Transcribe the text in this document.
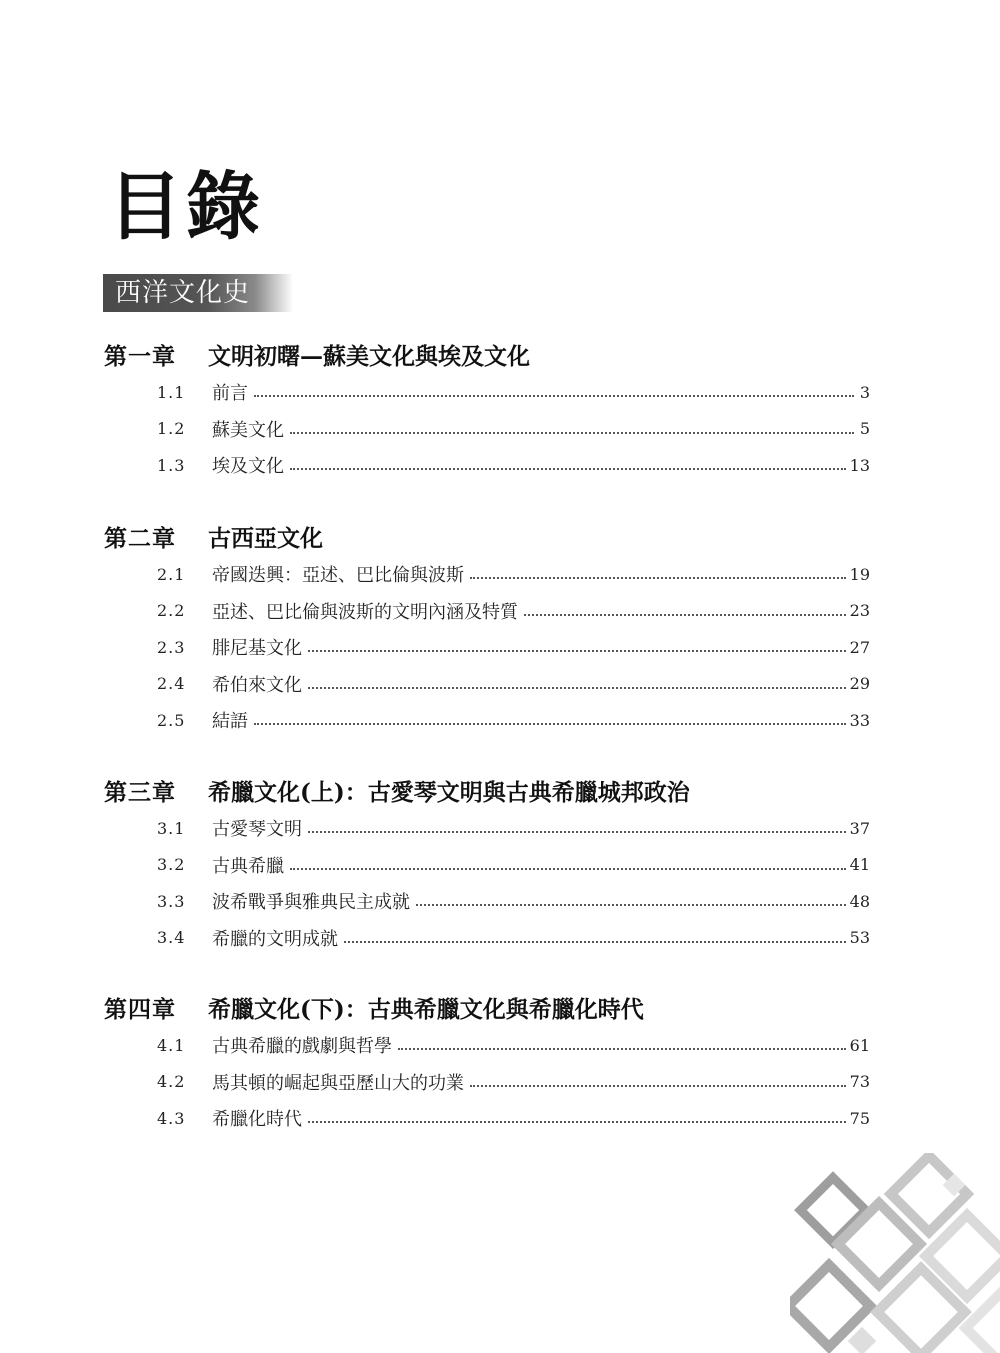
目錄
西洋文化史
第一章	文明初曙—蘇美文化與埃及文化
1.1	前言	3
1.2	蘇美文化	5
1.3	埃及文化	13
第二章	古西亞文化
2.1	帝國迭興：亞述、巴比倫與波斯	19
2.2	亞述、巴比倫與波斯的文明內涵及特質	23
2.3	腓尼基文化	27
2.4	希伯來文化	29
2.5	結語	33
第三章	希臘文化(上)：古愛琴文明與古典希臘城邦政治
3.1	古愛琴文明	37
3.2	古典希臘	41
3.3	波希戰爭與雅典民主成就	48
3.4	希臘的文明成就	53
第四章	希臘文化(下)：古典希臘文化與希臘化時代
4.1	古典希臘的戲劇與哲學	61
4.2	馬其頓的崛起與亞歷山大的功業	73
4.3	希臘化時代	75
